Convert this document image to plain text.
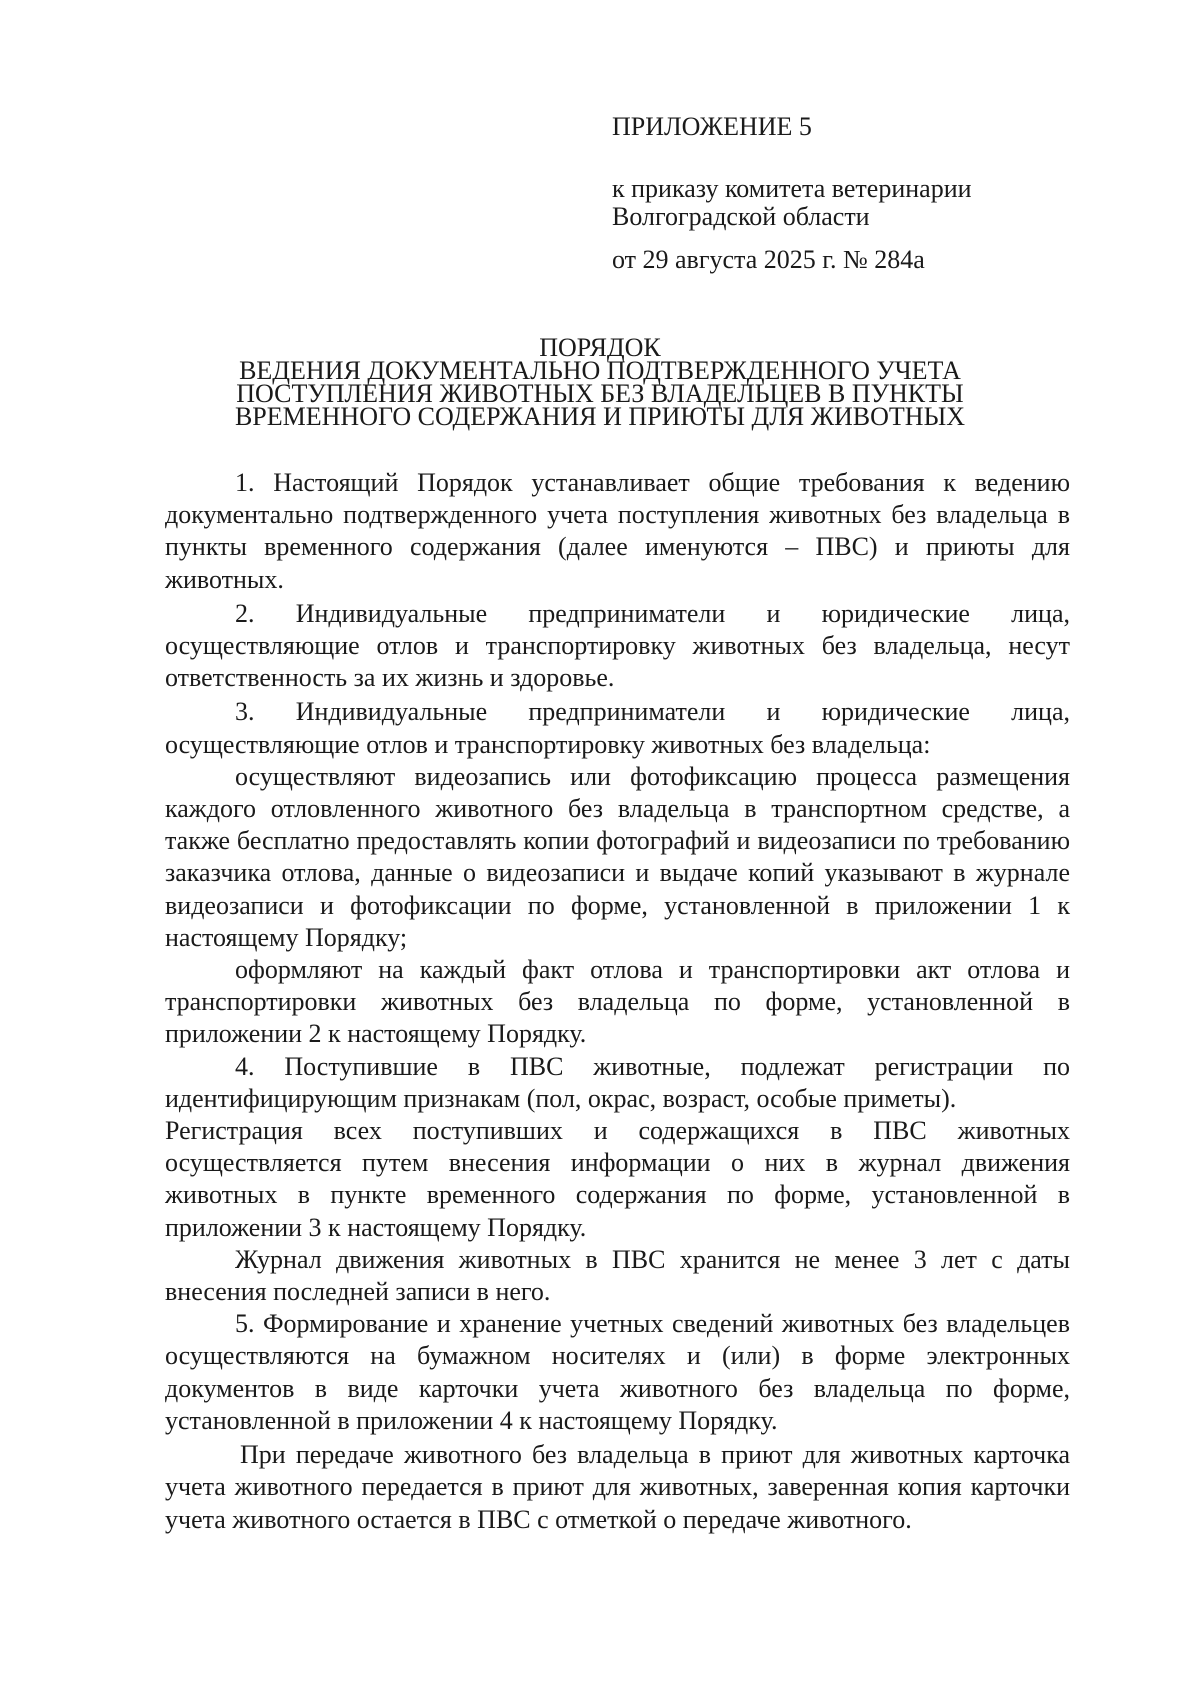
ПРИЛОЖЕНИЕ 5
к приказу комитета ветеринарии
Волгоградской области
от 29 августа 2025 г. № 284а
ПОРЯДОК
ВЕДЕНИЯ ДОКУМЕНТАЛЬНО ПОДТВЕРЖДЕННОГО УЧЕТА
ПОСТУПЛЕНИЯ ЖИВОТНЫХ БЕЗ ВЛАДЕЛЬЦЕВ В ПУНКТЫ
ВРЕМЕННОГО СОДЕРЖАНИЯ И ПРИЮТЫ ДЛЯ ЖИВОТНЫХ

1. Настоящий Порядок устанавливает общие требования к ведению документально подтвержденного учета поступления животных без владельца в пункты временного содержания (далее именуются – ПВС) и приюты для животных.

2. Индивидуальные предприниматели и юридические лица, осуществляющие отлов и транспортировку животных без владельца, несут ответственность за их жизнь и здоровье.

3. Индивидуальные предприниматели и юридические лица, осуществляющие отлов и транспортировку животных без владельца:

осуществляют видеозапись или фотофиксацию процесса размещения каждого отловленного животного без владельца в транспортном средстве, а также бесплатно предоставлять копии фотографий и видеозаписи по требованию заказчика отлова, данные о видеозаписи и выдаче копий указывают в журнале видеозаписи и фотофиксации по форме, установленной в приложении 1 к настоящему Порядку;

оформляют на каждый факт отлова и транспортировки акт отлова и транспортировки животных без владельца по форме, установленной в приложении 2 к настоящему Порядку.

4. Поступившие в ПВС животные, подлежат регистрации по идентифицирующим признакам (пол, окрас, возраст, особые приметы).

Регистрация всех поступивших и содержащихся в ПВС животных осуществляется путем внесения информации о них в журнал движения животных в пункте временного содержания по форме, установленной в приложении 3 к настоящему Порядку.

Журнал движения животных в ПВС хранится не менее 3 лет с даты внесения последней записи в него.

5. Формирование и хранение учетных сведений животных без владельцев осуществляются на бумажном носителях и (или) в форме электронных документов в виде карточки учета животного без владельца по форме, установленной в приложении 4 к настоящему Порядку.

При передаче животного без владельца в приют для животных карточка учета животного передается в приют для животных, заверенная копия карточки учета животного остается в ПВС с отметкой о передаче животного.
